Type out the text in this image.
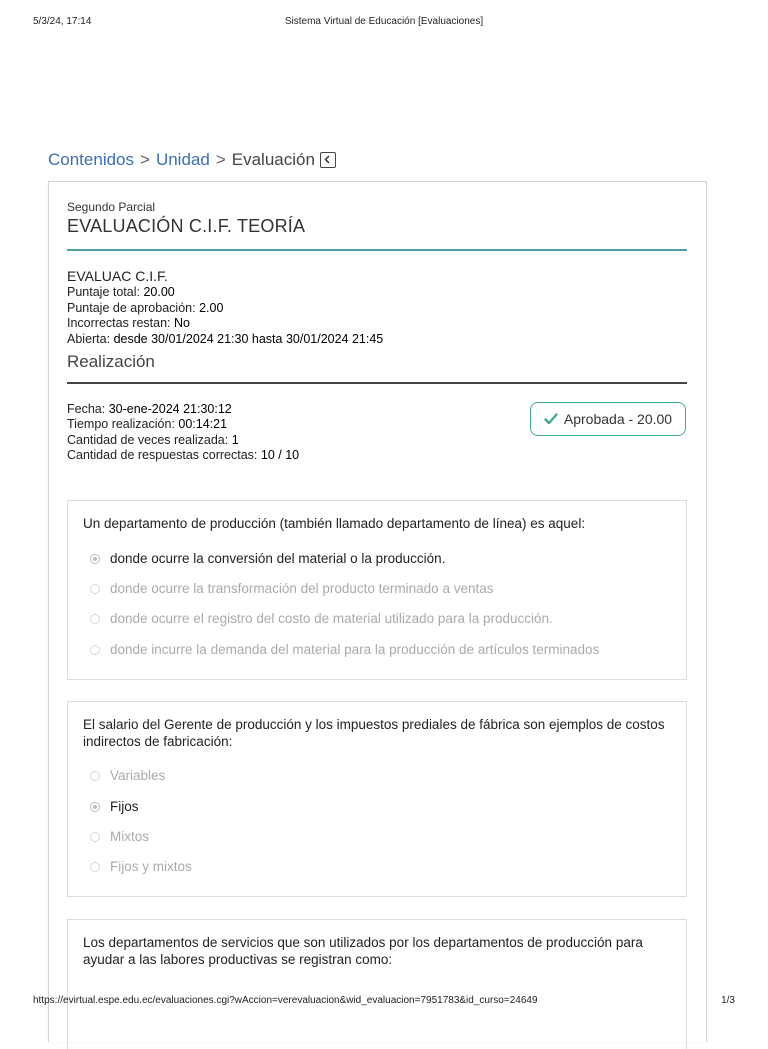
5/3/24, 17:14	Sistema Virtual de Educación [Evaluaciones]
Contenidos > Unidad > Evaluación
Segundo Parcial
EVALUACIÓN C.I.F. TEORÍA
EVALUAC C.I.F.
Puntaje total: 20.00
Puntaje de aprobación: 2.00
Incorrectas restan: No
Abierta: desde 30/01/2024 21:30 hasta 30/01/2024 21:45
Realización
Fecha: 30-ene-2024 21:30:12
Tiempo realización: 00:14:21
Cantidad de veces realizada: 1
Cantidad de respuestas correctas: 10 / 10
Aprobada - 20.00
Un departamento de producción (también llamado departamento de línea) es aquel:
donde ocurre la conversión del material o la producción.
donde ocurre la transformación del producto terminado a ventas
donde ocurre el registro del costo de material utilizado para la producción.
donde incurre la demanda del material para la producción de artículos terminados
El salario del Gerente de producción y los impuestos prediales de fábrica son ejemplos de costos indirectos de fabricación:
Variables
Fijos
Mixtos
Fijos y mixtos
Los departamentos de servicios que son utilizados por los departamentos de producción para ayudar a las labores productivas se registran como:
https://evirtual.espe.edu.ec/evaluaciones.cgi?wAccion=verevaluacion&wid_evaluacion=7951783&id_curso=24649	1/3
